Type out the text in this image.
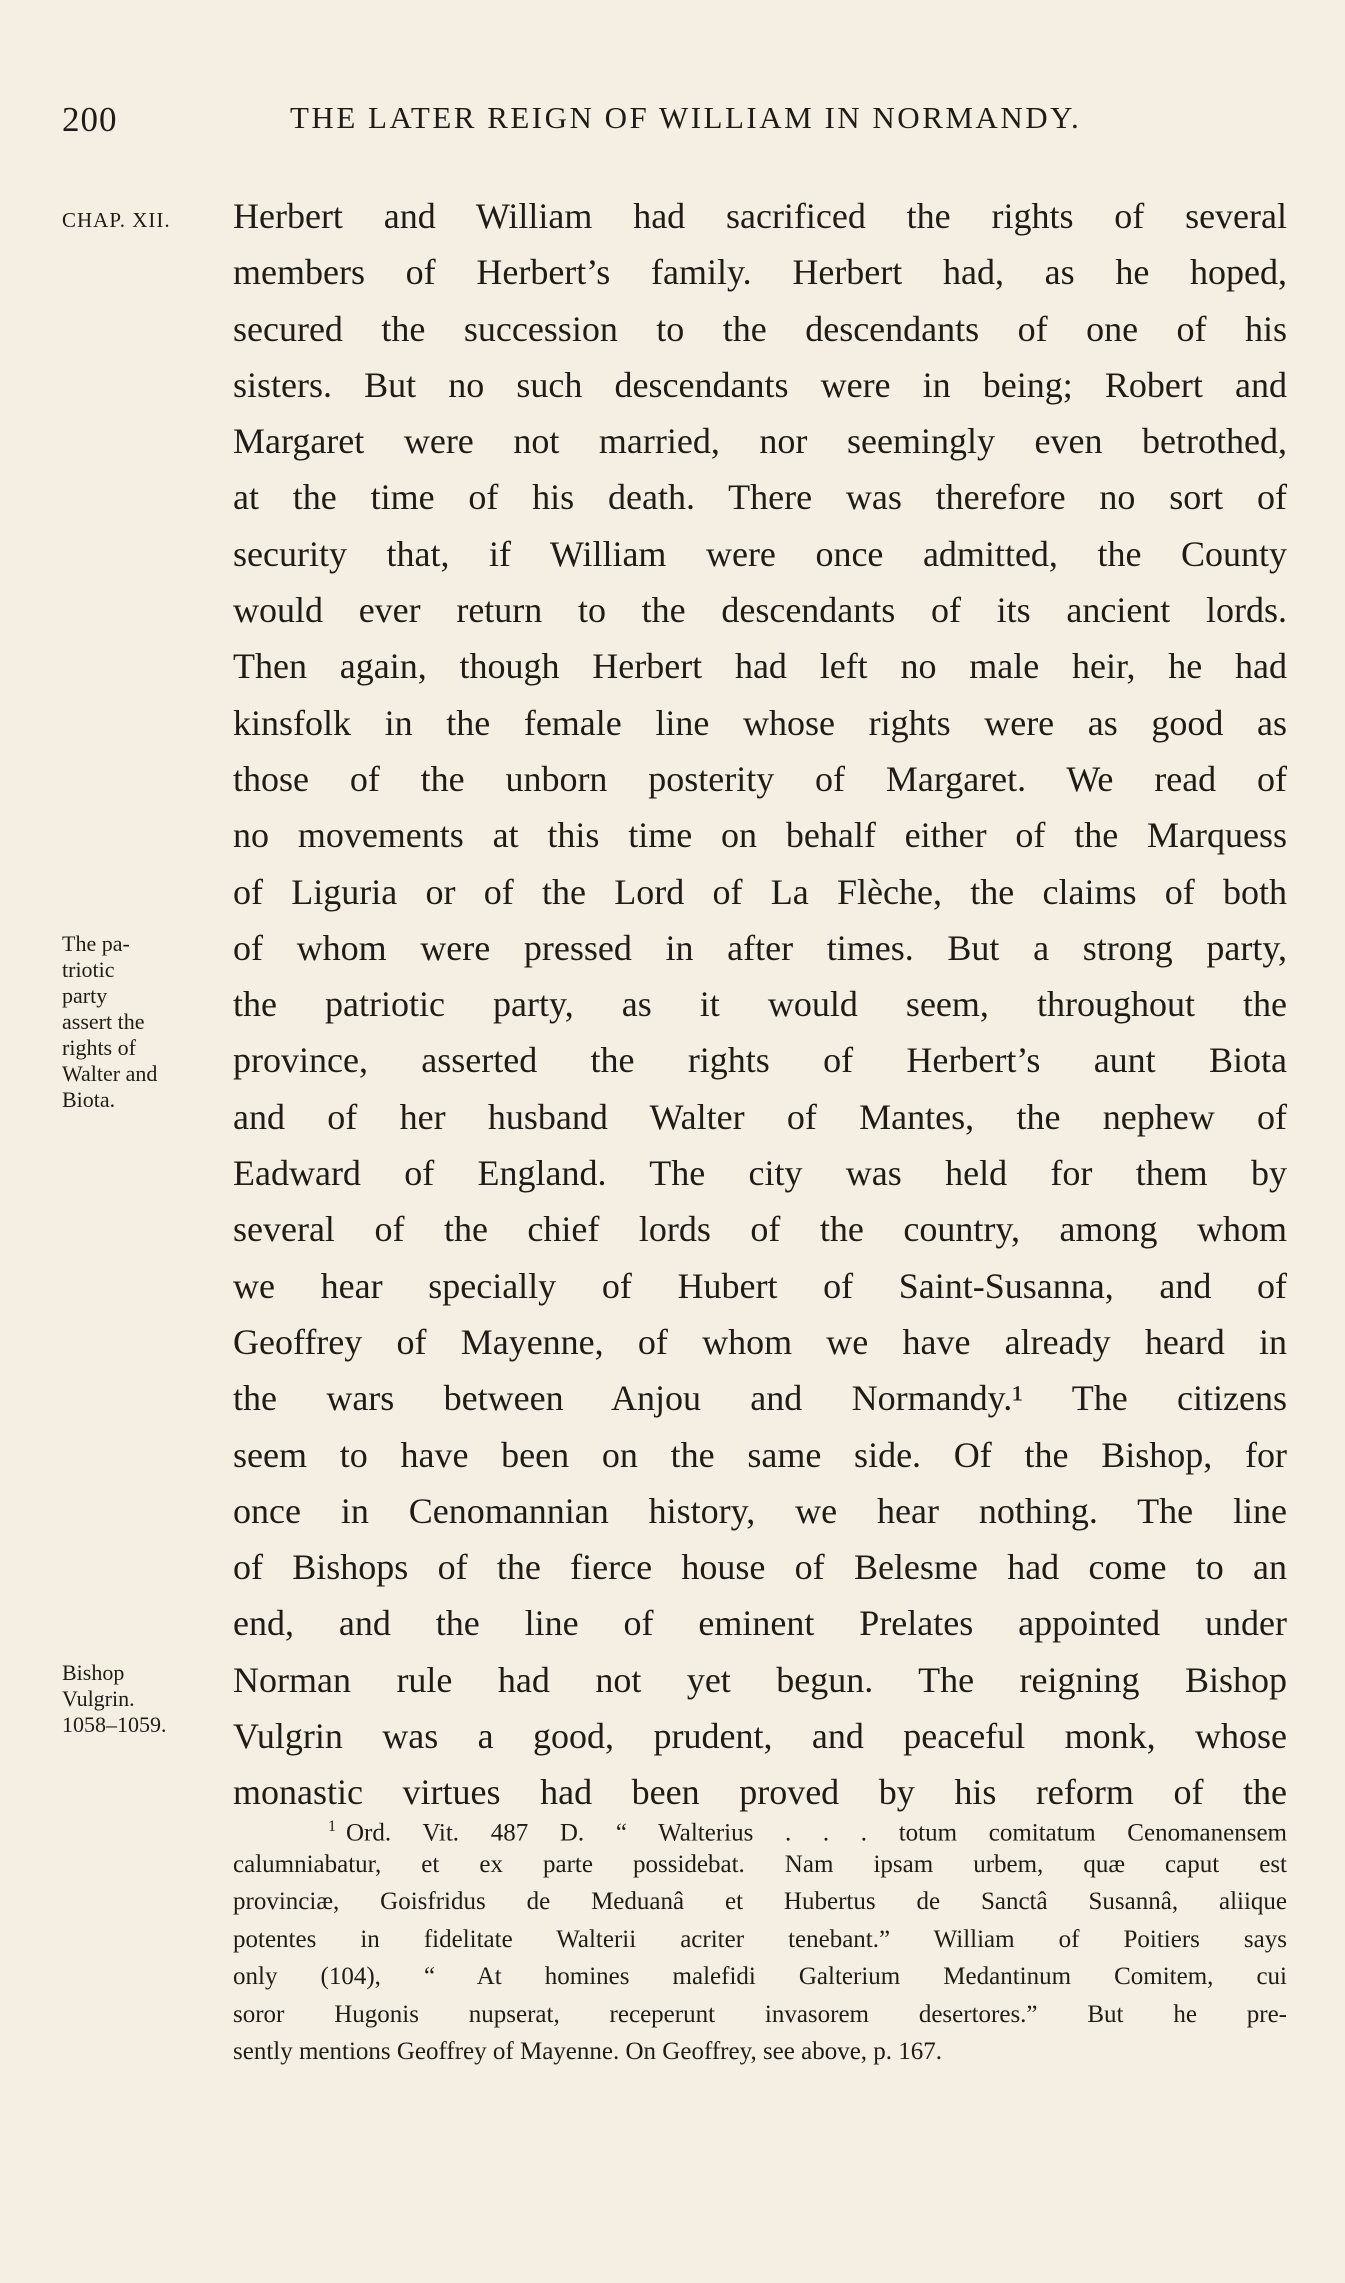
200	THE LATER REIGN OF WILLIAM IN NORMANDY.
CHAP. XII.
The pa-
triotic
party
assert the
rights of
Walter and
Biota.
Bishop
Vulgrin.
1058–1059.
Herbert and William had sacrificed the rights of several
members of Herbert’s family. Herbert had, as he hoped,
secured the succession to the descendants of one of his
sisters. But no such descendants were in being; Robert and
Margaret were not married, nor seemingly even betrothed,
at the time of his death. There was therefore no sort of
security that, if William were once admitted, the County
would ever return to the descendants of its ancient lords.
Then again, though Herbert had left no male heir, he had
kinsfolk in the female line whose rights were as good as
those of the unborn posterity of Margaret. We read of
no movements at this time on behalf either of the Marquess
of Liguria or of the Lord of La Flèche, the claims of both
of whom were pressed in after times. But a strong party,
the patriotic party, as it would seem, throughout the
province, asserted the rights of Herbert’s aunt Biota
and of her husband Walter of Mantes, the nephew of
Eadward of England. The city was held for them by
several of the chief lords of the country, among whom
we hear specially of Hubert of Saint-Susanna, and of
Geoffrey of Mayenne, of whom we have already heard in
the wars between Anjou and Normandy.¹ The citizens
seem to have been on the same side. Of the Bishop, for
once in Cenomannian history, we hear nothing. The line
of Bishops of the fierce house of Belesme had come to an
end, and the line of eminent Prelates appointed under
Norman rule had not yet begun. The reigning Bishop
Vulgrin was a good, prudent, and peaceful monk, whose
monastic virtues had been proved by his reform of the
$^1$ Ord. Vit. 487 D. “ Walterius . . . totum comitatum Cenomanensem
calumniabatur, et ex parte possidebat. Nam ipsam urbem, quæ caput est
provinciæ, Goisfridus de Meduanâ et Hubertus de Sanctâ Susannâ, aliique
potentes in fidelitate Walterii acriter tenebant.” William of Poitiers says
only (104), “ At homines malefidi Galterium Medantinum Comitem, cui
soror Hugonis nupserat, receperunt invasorem desertores.” But he pre-
sently mentions Geoffrey of Mayenne. On Geoffrey, see above, p. 167.
